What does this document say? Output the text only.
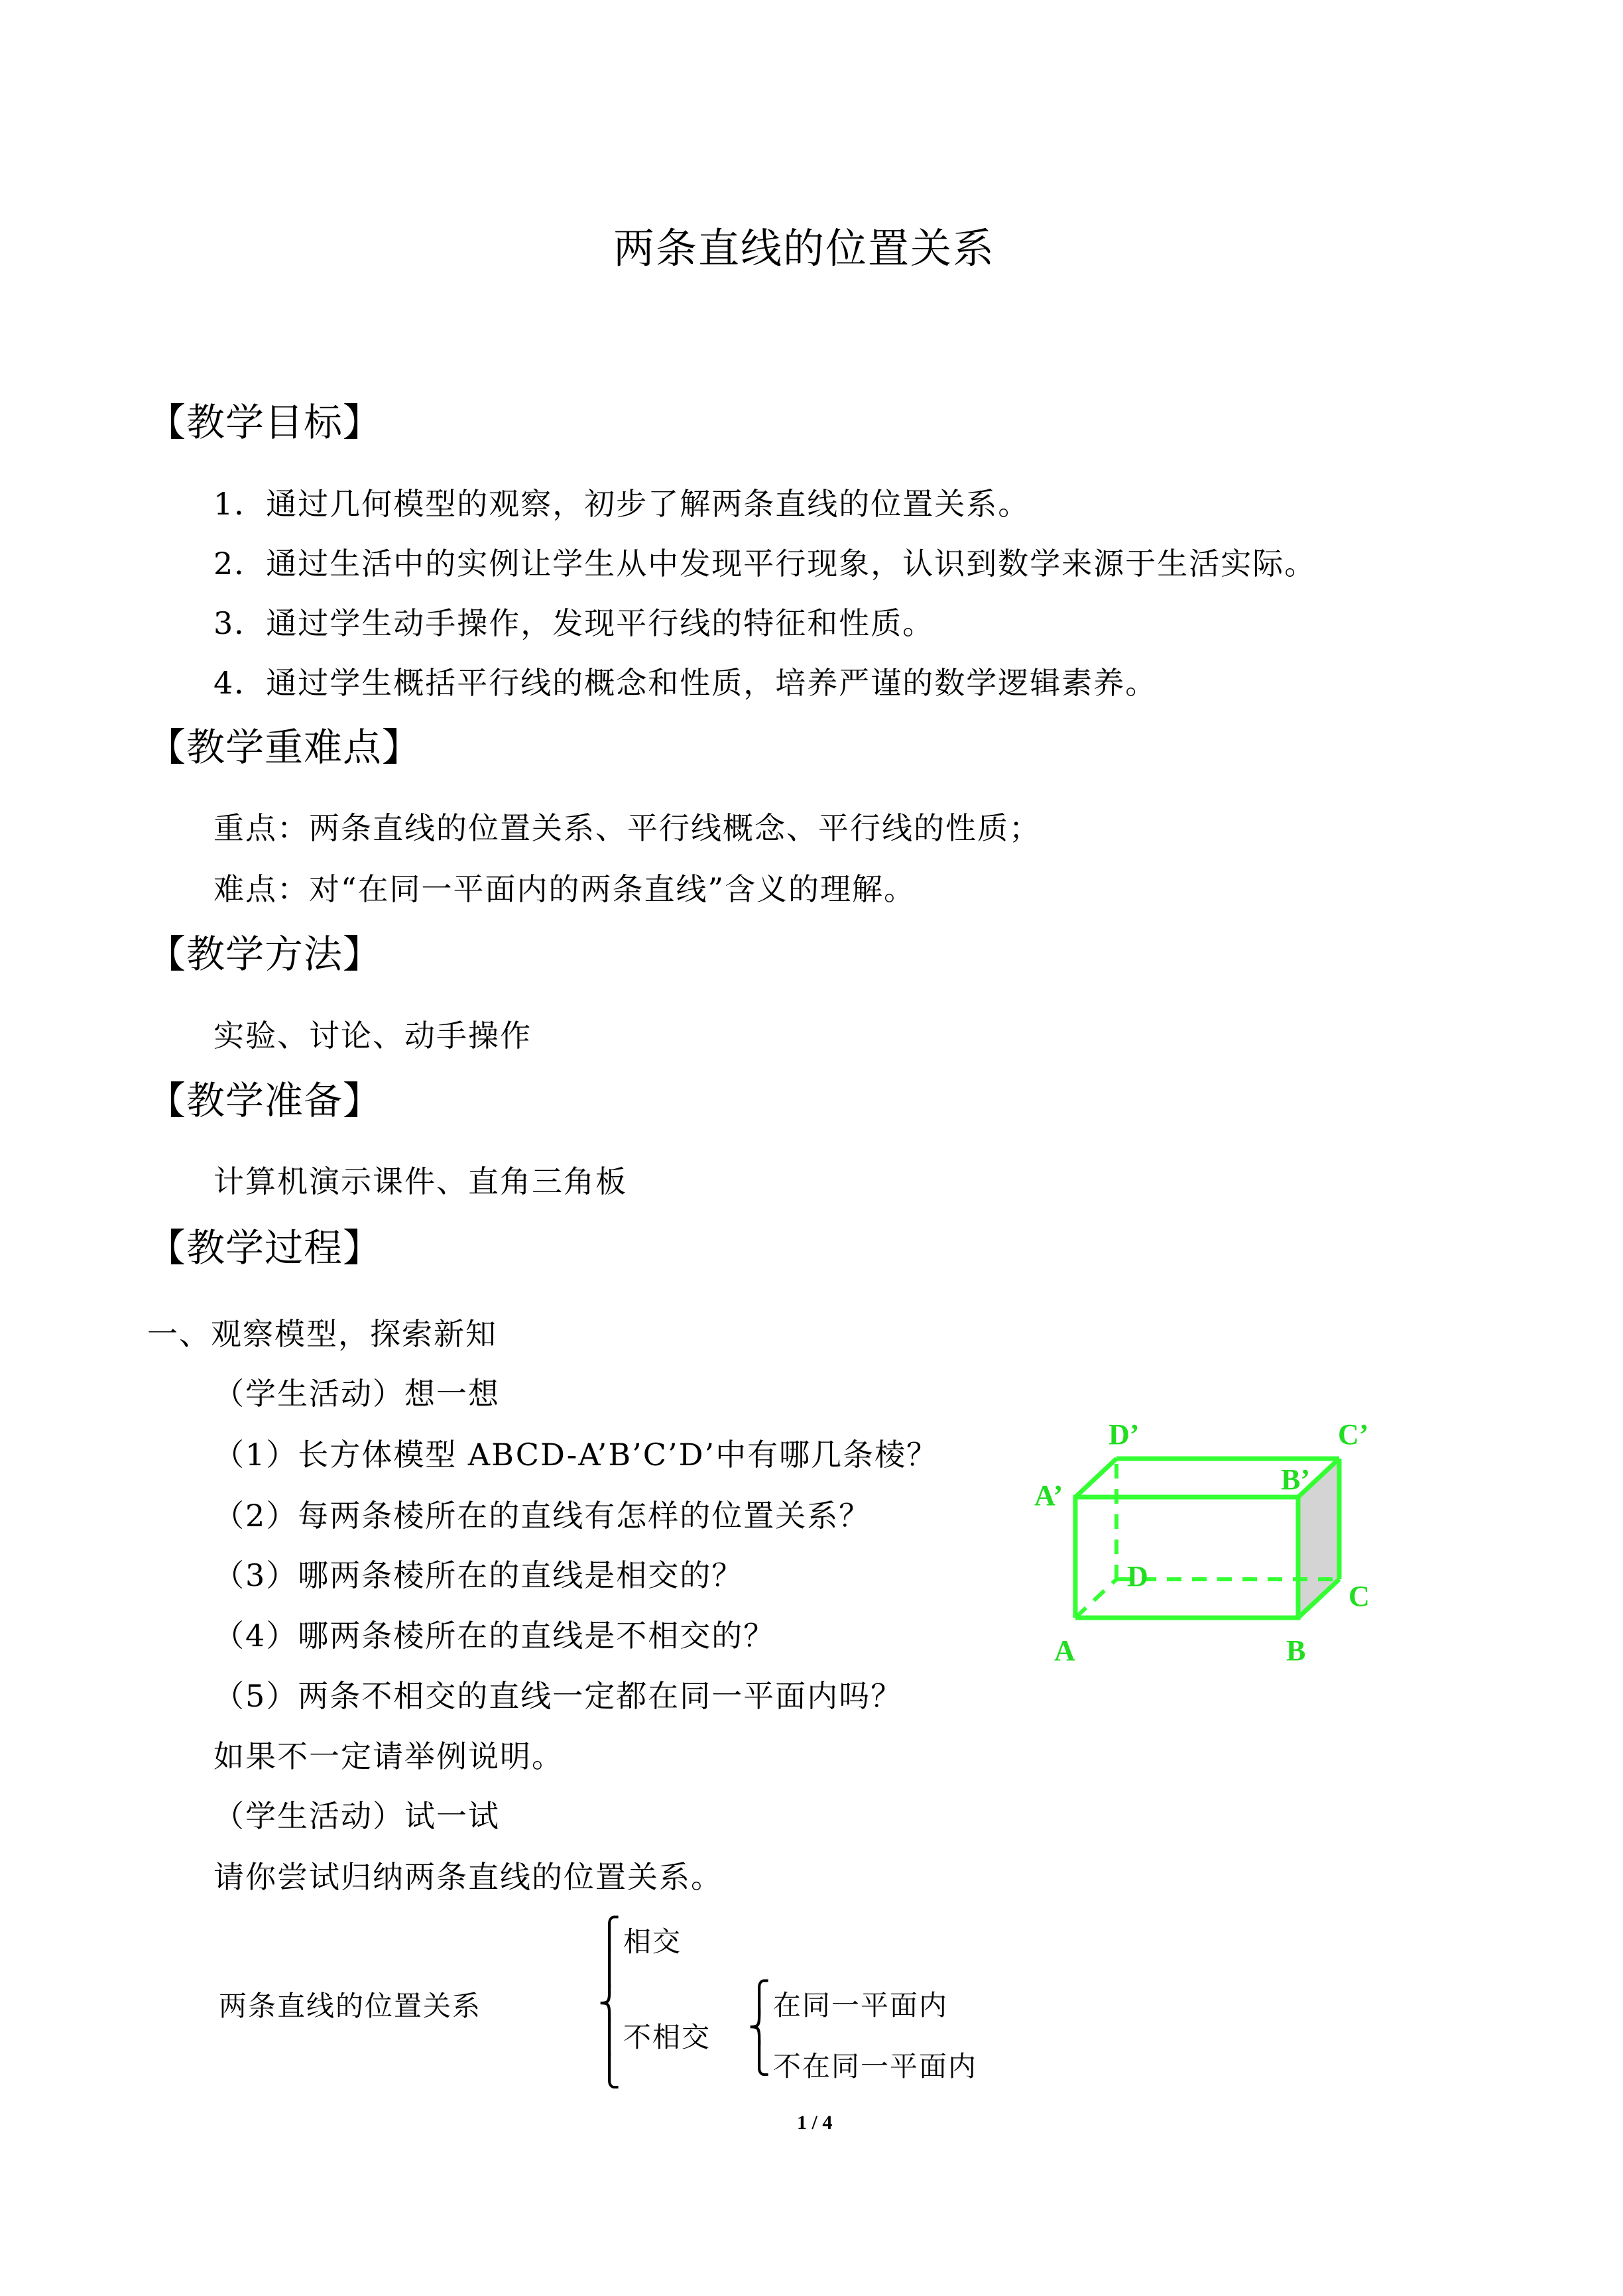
两条直线的位置关系
【教学目标】
1．通过几何模型的观察，初步了解两条直线的位置关系。
2．通过生活中的实例让学生从中发现平行现象，认识到数学来源于生活实际。
3．通过学生动手操作，发现平行线的特征和性质。
4．通过学生概括平行线的概念和性质，培养严谨的数学逻辑素养。
【教学重难点】
重点：两条直线的位置关系、平行线概念、平行线的性质；
难点：对“在同一平面内的两条直线”含义的理解。
【教学方法】
实验、讨论、动手操作
【教学准备】
计算机演示课件、直角三角板
【教学过程】
一、观察模型，探索新知
（学生活动）想一想
（1）长方体模型 ABCD-A’B’C’D’中有哪几条棱？
（2）每两条棱所在的直线有怎样的位置关系？
（3）哪两条棱所在的直线是相交的？
（4）哪两条棱所在的直线是不相交的？
（5）两条不相交的直线一定都在同一平面内吗？
如果不一定请举例说明。
（学生活动）试一试
请你尝试归纳两条直线的位置关系。
D’	C’
A’	B’
D
C
A	B
两条直线的位置关系
⎧
⎪
⎨
⎪
⎩
相交
不相交
⎧
⎨
⎩
在同一平面内
不在同一平面内
1 / 4
